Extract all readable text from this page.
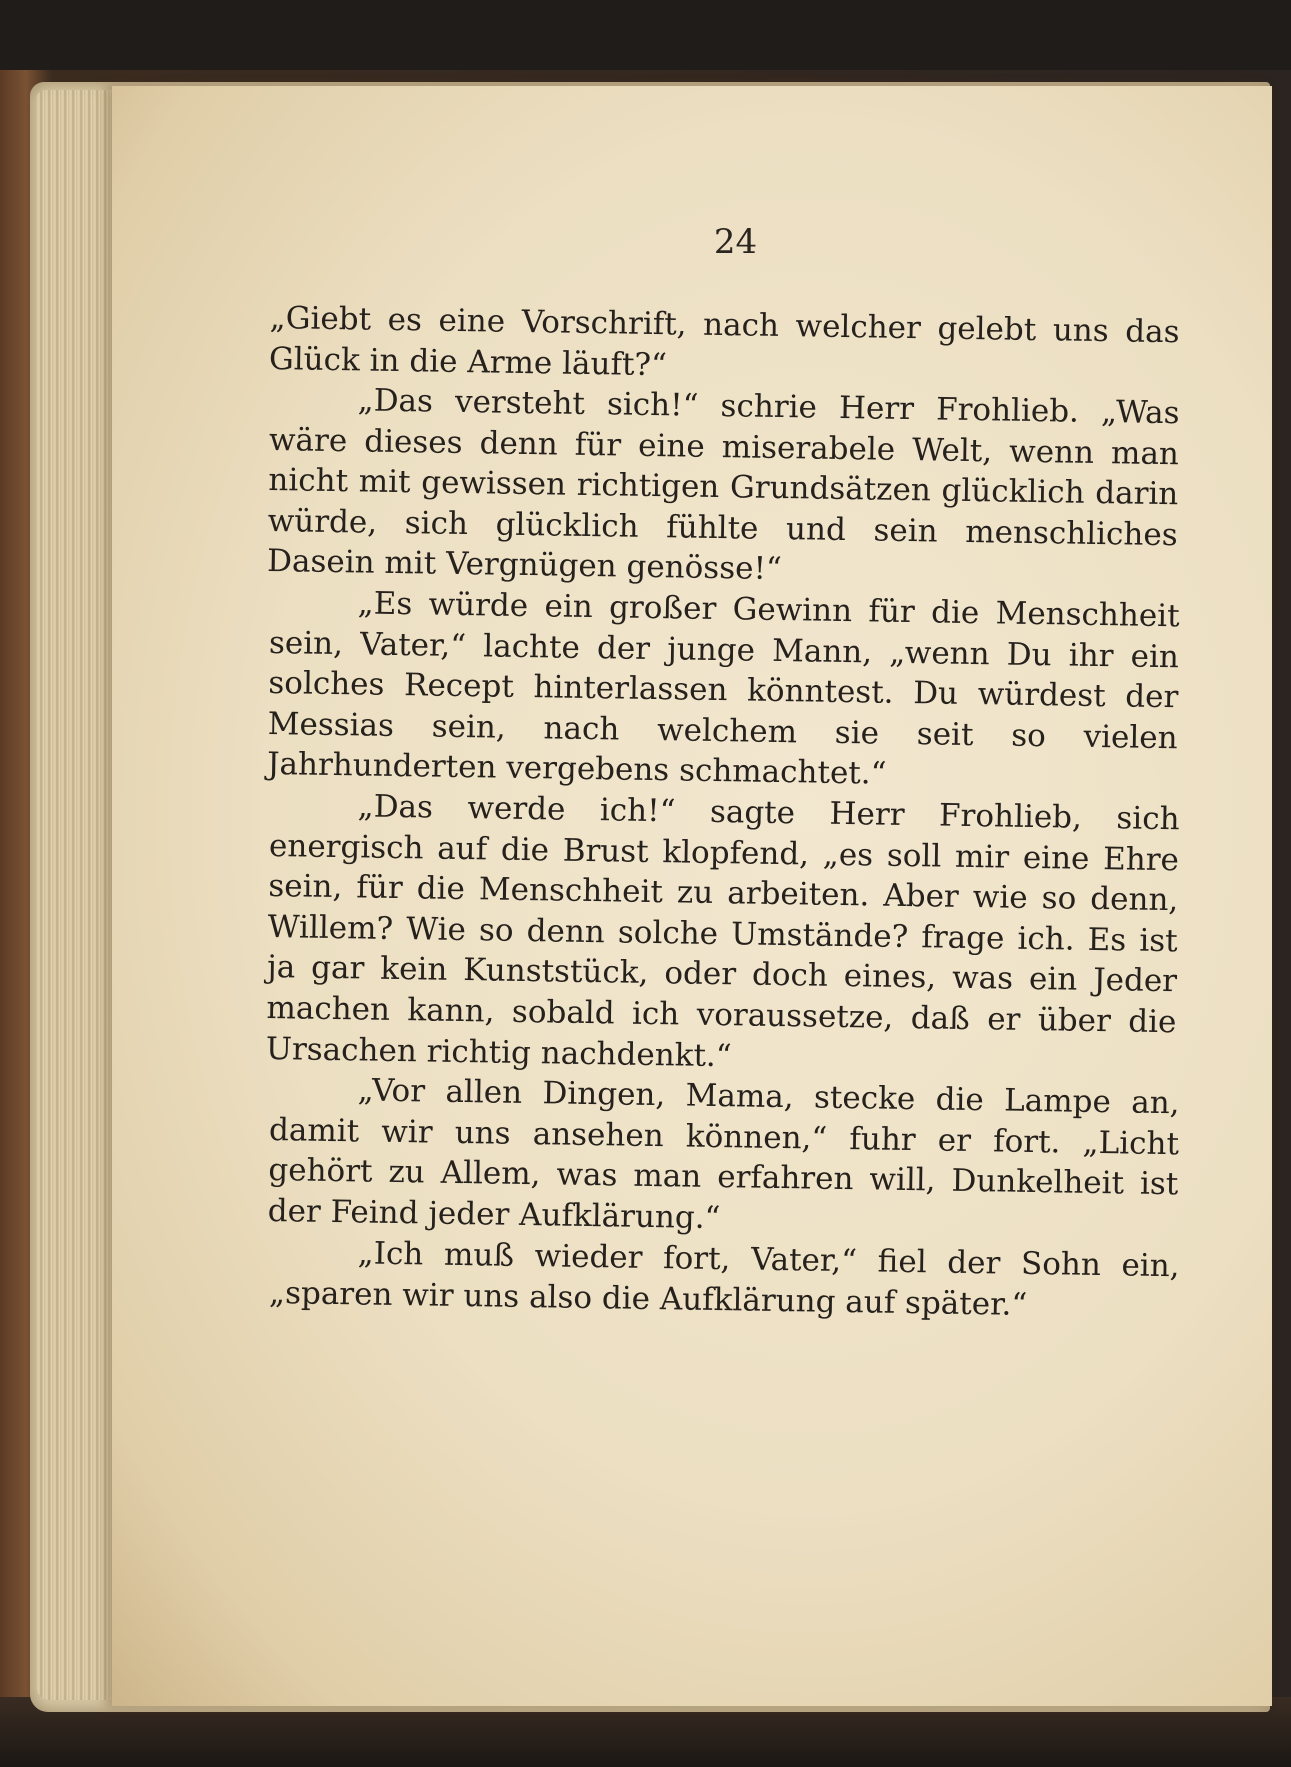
24

„Giebt es eine Vorschrift, nach welcher gelebt uns das Glück in die Arme läuft?“

„Das versteht sich!“ schrie Herr Frohlieb. „Was wäre dieses denn für eine miserabele Welt, wenn man nicht mit gewissen richtigen Grundsätzen glücklich darin würde, sich glücklich fühlte und sein menschliches Dasein mit Vergnügen genösse!“

„Es würde ein großer Gewinn für die Menschheit sein, Vater,“ lachte der junge Mann, „wenn Du ihr ein solches Recept hinterlassen könntest. Du würdest der Messias sein, nach welchem sie seit so vielen Jahrhunderten vergebens schmachtet.“

„Das werde ich!“ sagte Herr Frohlieb, sich energisch auf die Brust klopfend, „es soll mir eine Ehre sein, für die Menschheit zu arbeiten. Aber wie so denn, Willem? Wie so denn solche Umstände? frage ich. Es ist ja gar kein Kunststück, oder doch eines, was ein Jeder machen kann, sobald ich voraussetze, daß er über die Ursachen richtig nachdenkt.“

„Vor allen Dingen, Mama, stecke die Lampe an, damit wir uns ansehen können,“ fuhr er fort. „Licht gehört zu Allem, was man erfahren will, Dunkelheit ist der Feind jeder Aufklärung.“

„Ich muß wieder fort, Vater,“ fiel der Sohn ein, „sparen wir uns also die Aufklärung auf später.“
